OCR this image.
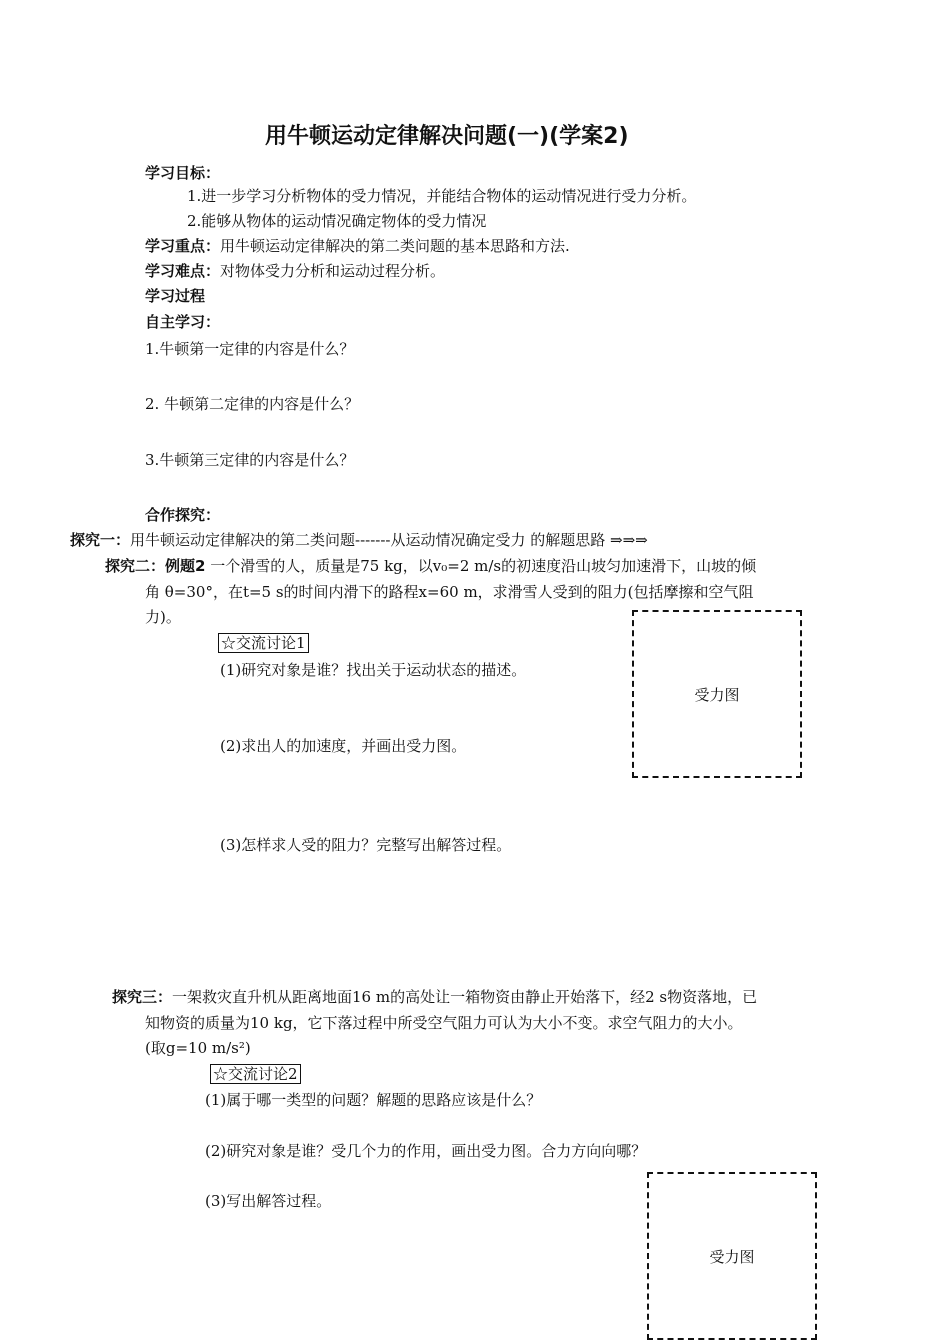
用牛顿运动定律解决问题(一)(学案2)
学习目标：
1.进一步学习分析物体的受力情况，并能结合物体的运动情况进行受力分析。
2.能够从物体的运动情况确定物体的受力情况
学习重点：用牛顿运动定律解决的第二类问题的基本思路和方法.
学习难点：对物体受力分析和运动过程分析。
学习过程
自主学习：
1.牛顿第一定律的内容是什么？
2. 牛顿第二定律的内容是什么？
3.牛顿第三定律的内容是什么？
合作探究：
探究一：用牛顿运动定律解决的第二类问题-------从运动情况确定受力 的解题思路 ⇒⇒⇒
探究二：例题2 一个滑雪的人，质量是75 kg，以v₀=2 m/s的初速度沿山坡匀加速滑下，山坡的倾
角 θ=30°，在t=5 s的时间内滑下的路程x=60 m，求滑雪人受到的阻力(包括摩擦和空气阻
力)。
☆交流讨论1
(1)研究对象是谁？找出关于运动状态的描述。
(2)求出人的加速度，并画出受力图。
(3)怎样求人受的阻力？完整写出解答过程。
受力图
探究三：一架救灾直升机从距离地面16 m的高处让一箱物资由静止开始落下，经2 s物资落地，已
知物资的质量为10 kg，它下落过程中所受空气阻力可认为大小不变。求空气阻力的大小。
(取g=10 m/s²)
☆交流讨论2
(1)属于哪一类型的问题？解题的思路应该是什么？
(2)研究对象是谁？受几个力的作用，画出受力图。合力方向向哪？
(3)写出解答过程。
受力图
